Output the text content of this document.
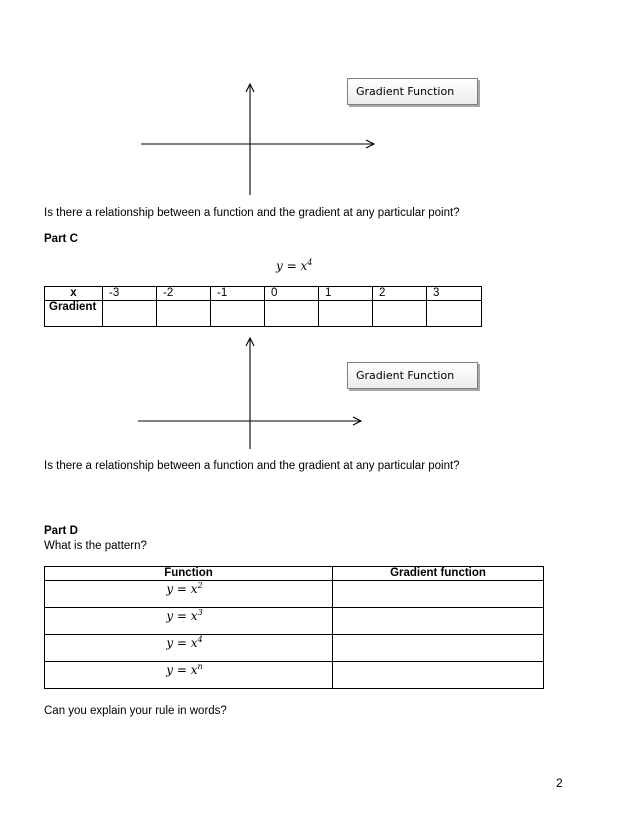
Gradient Function
Is there a relationship between a function and the gradient at any particular point?
Part C
$y = x^4$
x	-3	-2	-1	0	1	2	3
Gradient							
Gradient Function
Is there a relationship between a function and the gradient at any particular point?
Part D
What is the pattern?
Function	Gradient function

$y = x^2$

$y = x^3$

$y = x^4$

$y = x^n$

Can you explain your rule in words?
2
